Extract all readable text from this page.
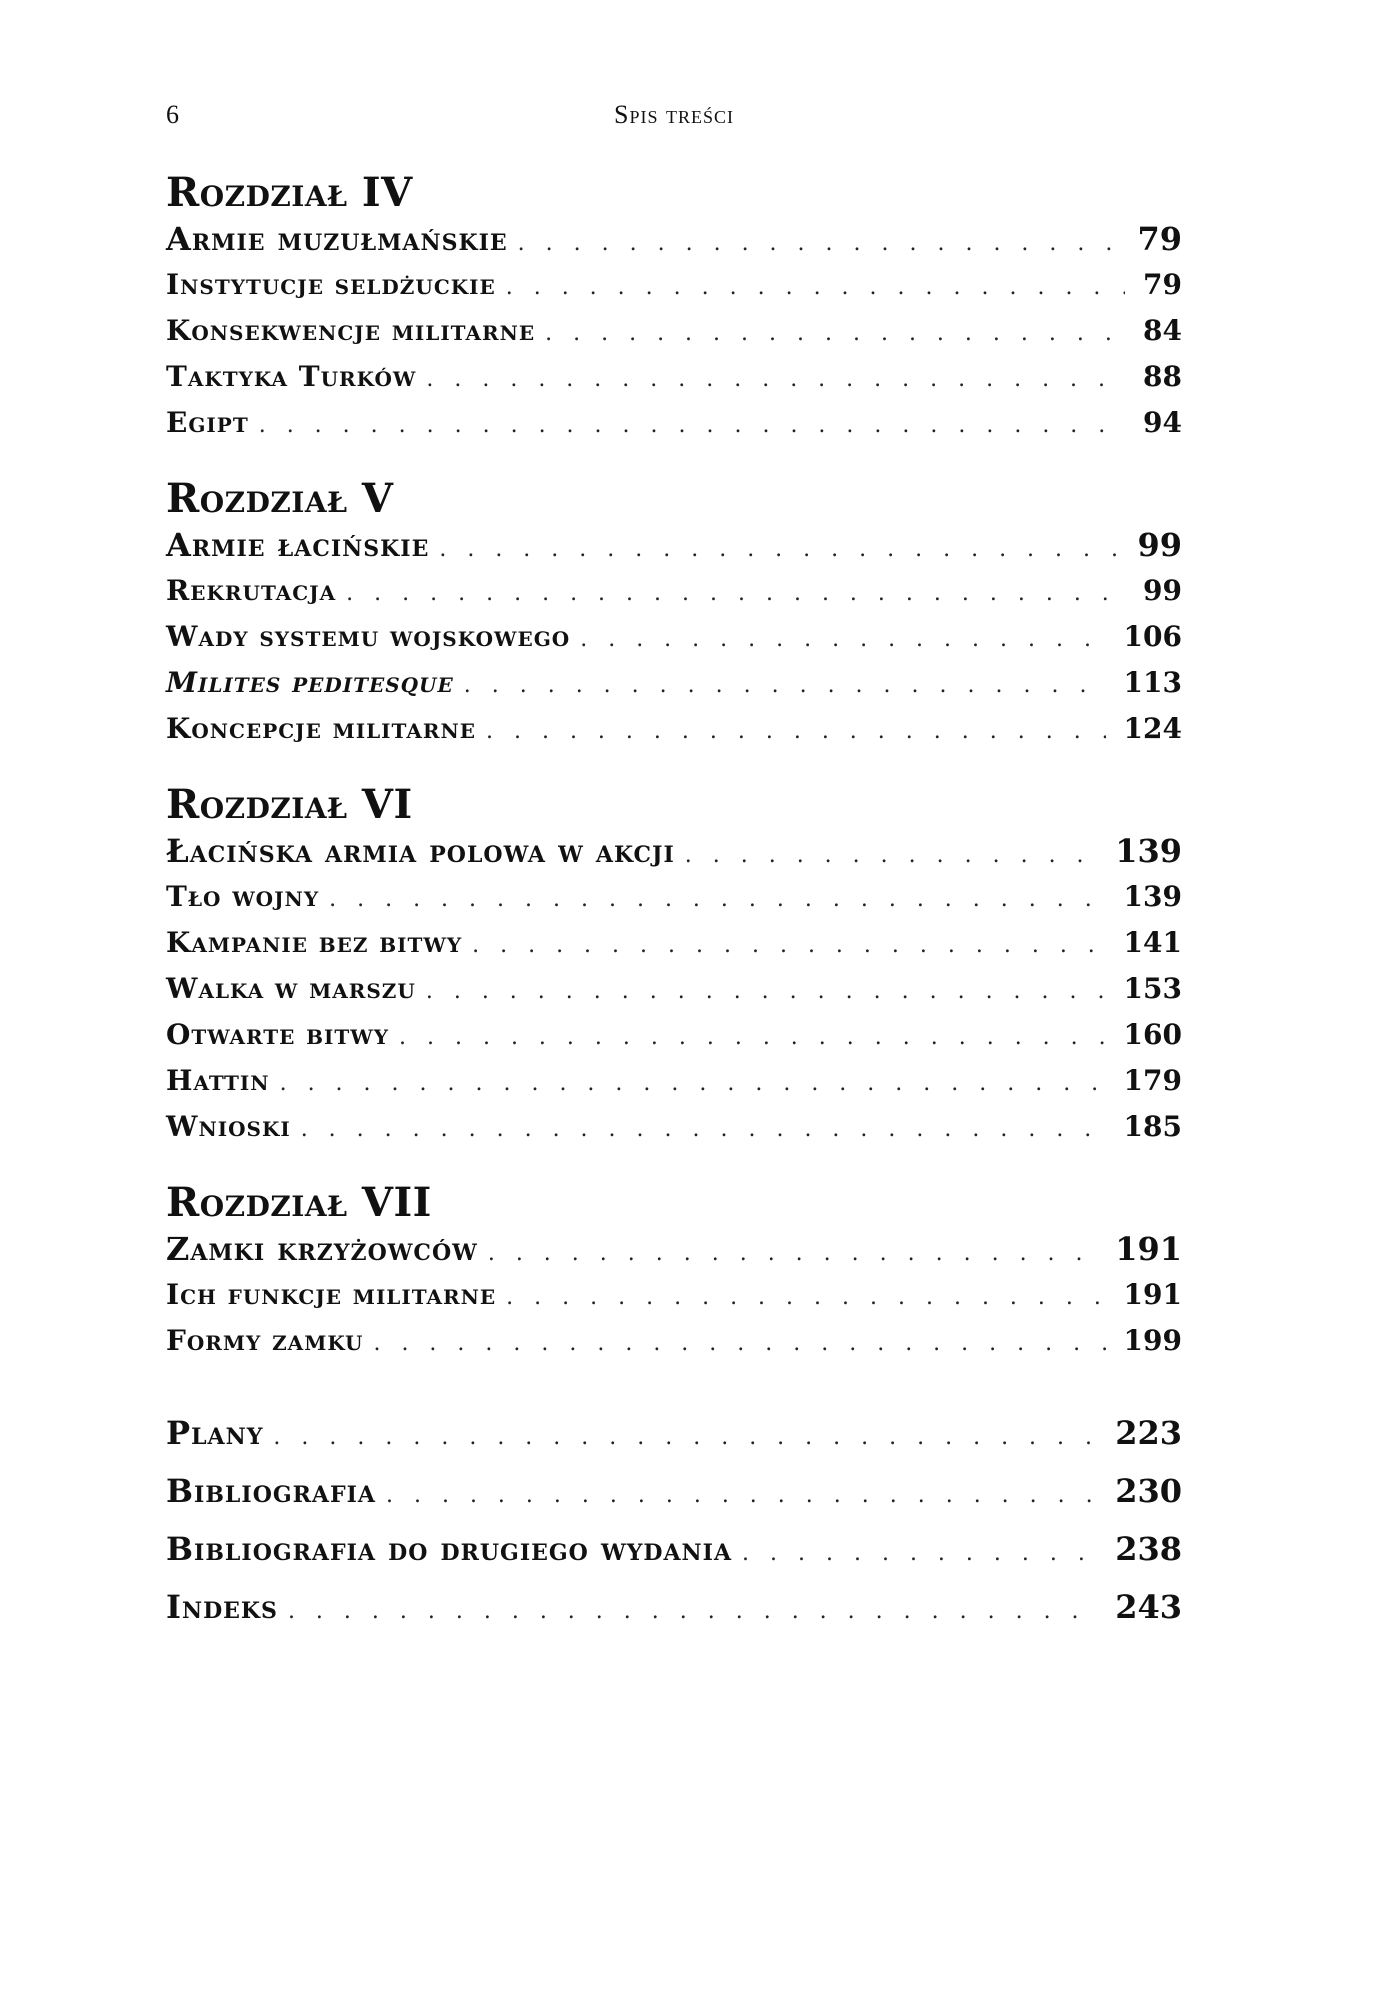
6	Spis treści
Rozdział IV
Armie muzułmańskie . . .	79
Instytucje seldżuckie . . .	79
Konsekwencje militarne . . .	84
Taktyka Turków . . .	88
Egipt . . .	94
Rozdział V
Armie łacińskie . . .	99
Rekrutacja . . .	99
Wady systemu wojskowego . . .	106
Milites peditesque . . .	113
Koncepcje militarne . . .	124
Rozdział VI
Łacińska armia polowa w akcji . . .	139
Tło wojny . . .	139
Kampanie bez bitwy . . .	141
Walka w marszu . . .	153
Otwarte bitwy . . .	160
Hattin . . .	179
Wnioski . . .	185
Rozdział VII
Zamki krzyżowców . . .	191
Ich funkcje militarne . . .	191
Formy zamku . . .	199
Plany . . .	223
Bibliografia . . .	230
Bibliografia do drugiego wydania . . .	238
Indeks . . .	243
